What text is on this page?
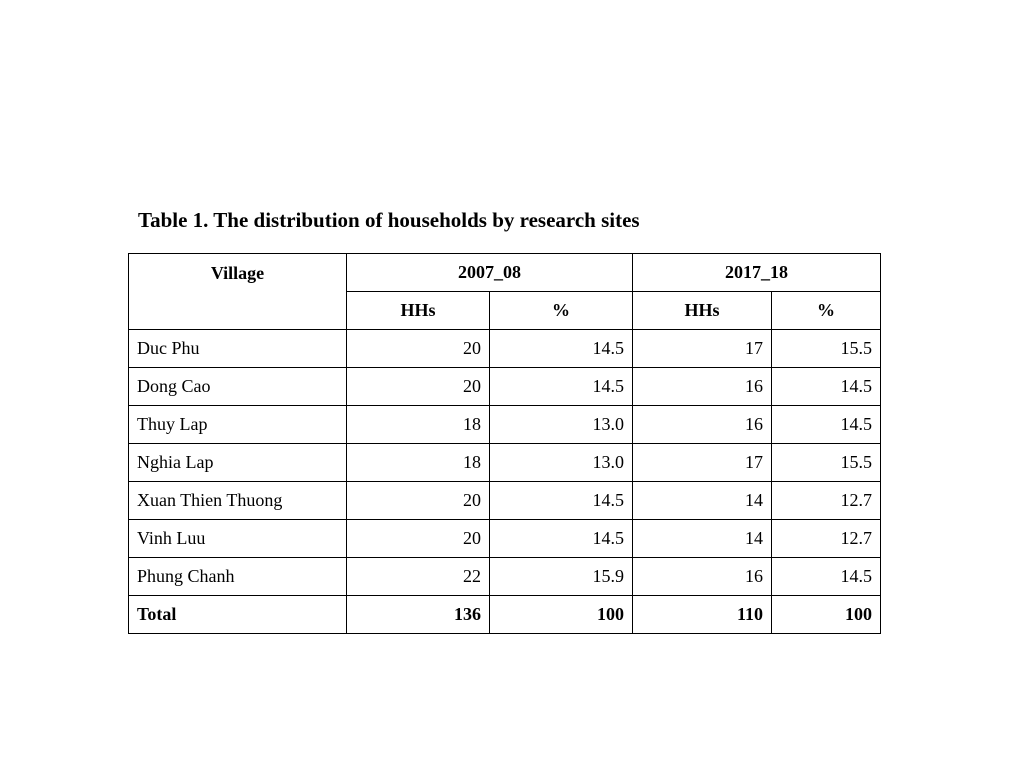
Table 1. The distribution of households by research sites
Village	2007_08		2017_18	
	HHs	%	HHs	%
Duc Phu	20	14.5	17	15.5
Dong Cao	20	14.5	16	14.5
Thuy Lap	18	13.0	16	14.5
Nghia Lap	18	13.0	17	15.5
Xuan Thien Thuong	20	14.5	14	12.7
Vinh Luu	20	14.5	14	12.7
Phung Chanh	22	15.9	16	14.5
Total	136	100	110	100
